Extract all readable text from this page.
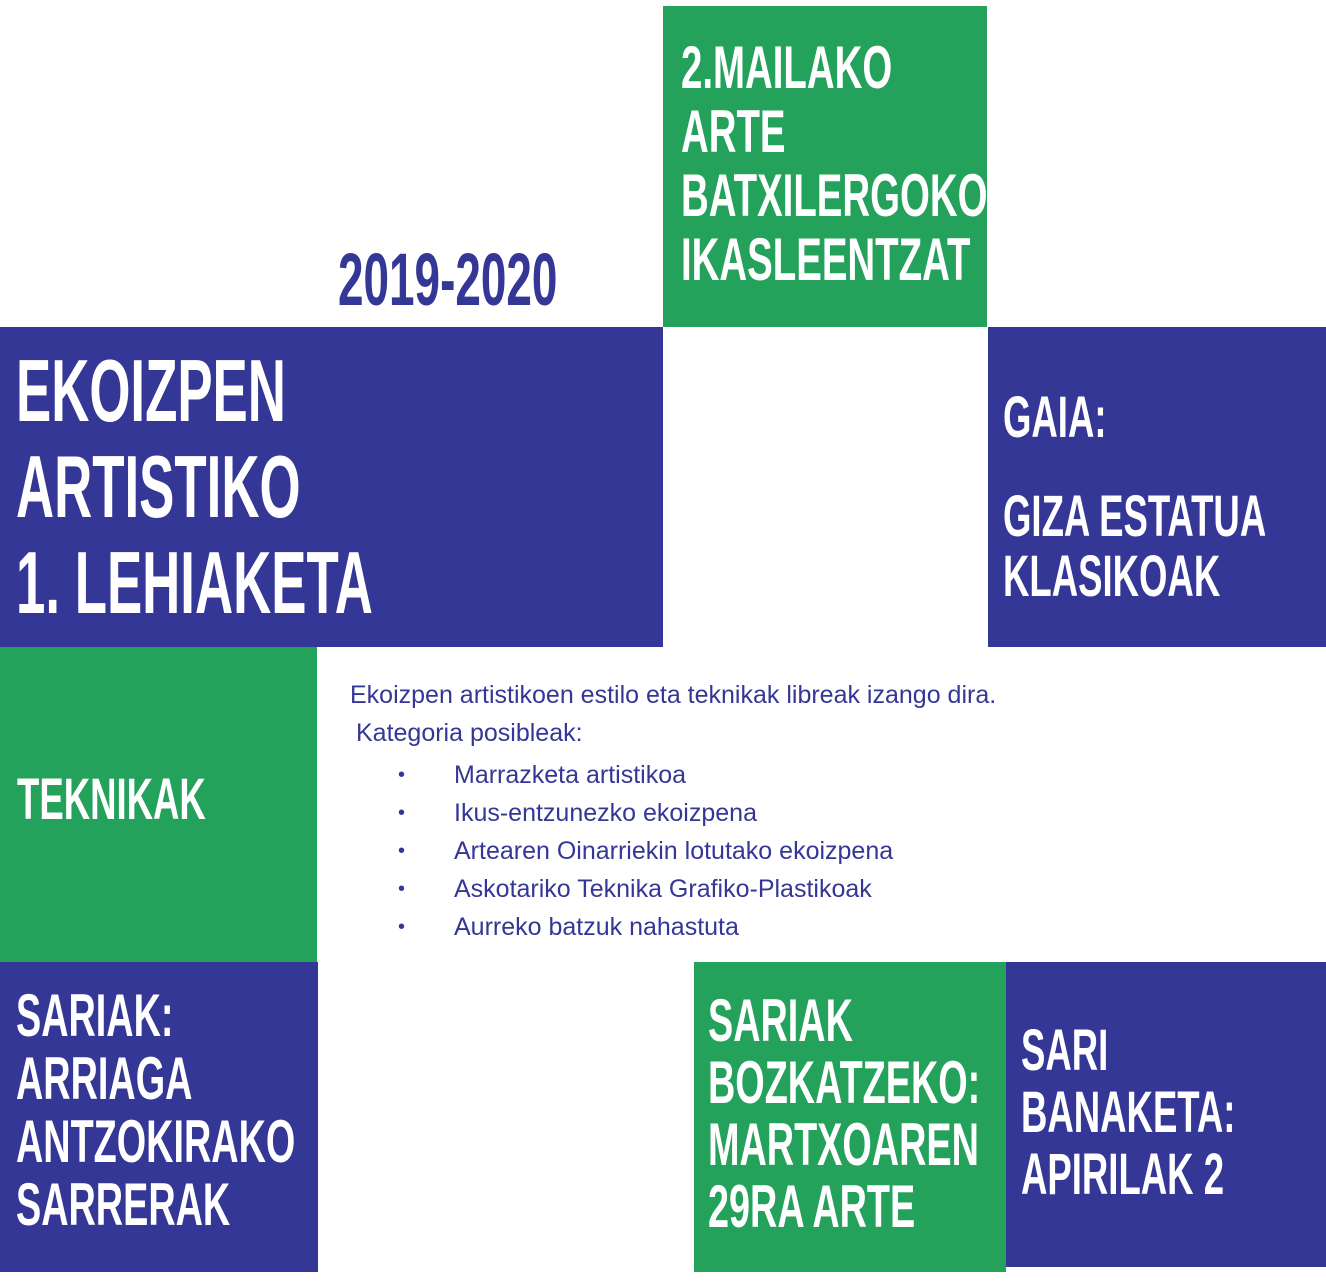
2019-2020
2.MAILAKO
ARTE
BATXILERGOKO
IKASLEENTZAT
EKOIZPEN
ARTISTIKO
1. LEHIAKETA
GAIA:
GIZA ESTATUA
KLASIKOAK
TEKNIKAK

Ekoizpen artistikoen estilo eta teknikak libreak izango dira.

Kategoria posibleak:

• Marrazketa artistikoa
• Ikus-entzunezko ekoizpena
• Artearen Oinarriekin lotutako ekoizpena
• Askotariko Teknika Grafiko-Plastikoak
• Aurreko batzuk nahastuta
SARIAK:
ARRIAGA
ANTZOKIRAKO
SARRERAK
SARIAK
BOZKATZEKO:
MARTXOAREN
29RA ARTE
SARI
BANAKETA:
APIRILAK 2
